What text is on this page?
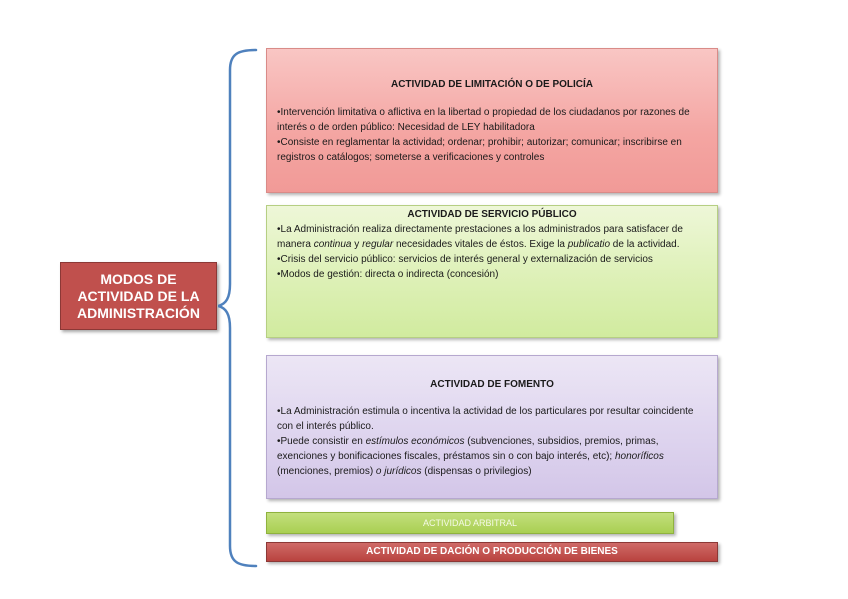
MODOS DE ACTIVIDAD DE LA ADMINISTRACIÓN
ACTIVIDAD DE LIMITACIÓN O DE POLICÍA

•Intervención limitativa o aflictiva en la libertad o propiedad de los ciudadanos por razones de interés o de orden público: Necesidad de LEY habilitadora

•Consiste en reglamentar la actividad; ordenar; prohibir; autorizar; comunicar; inscribirse en registros o catálogos; someterse a verificaciones y controles

ACTIVIDAD DE SERVICIO PÚBLICO

•La Administración realiza directamente prestaciones a los administrados para satisfacer de manera continua y regular necesidades vitales de éstos. Exige la publicatio de la actividad.

•Crisis del servicio público: servicios de interés general y externalización de servicios

•Modos de gestión: directa o indirecta (concesión)

ACTIVIDAD DE FOMENTO

•La Administración estimula o incentiva la actividad de los particulares por resultar coincidente con el interés público.

•Puede consistir en estímulos económicos (subvenciones, subsidios, premios, primas, exenciones y bonificaciones fiscales, préstamos sin o con bajo interés, etc); honoríficos (menciones, premios) o jurídicos (dispensas o privilegios)

ACTIVIDAD ARBITRAL
ACTIVIDAD DE DACIÓN O PRODUCCIÓN DE BIENES
